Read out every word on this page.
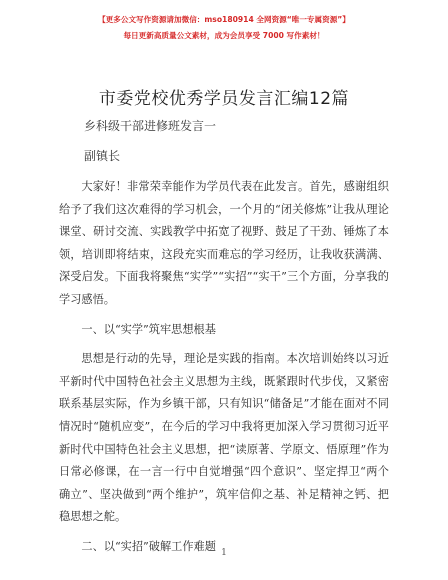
【更多公文写作资源请加微信：mso180914 全网资源“唯一专属资源”】
每日更新高质量公文素材，成为会员享受 7000 写作素材！
市委党校优秀学员发言汇编12篇
乡科级干部进修班发言一
副镇长

大家好！非常荣幸能作为学员代表在此发言。首先，感谢组织给予了我们这次难得的学习机会，一个月的“闭关修炼”让我从理论课堂、研讨交流、实践教学中拓宽了视野、鼓足了干劲、锤炼了本领，培训即将结束，这段充实而难忘的学习经历，让我收获满满、深受启发。下面我将聚焦“实学”“实招”“实干”三个方面，分享我的学习感悟。

一、以“实学”筑牢思想根基

思想是行动的先导，理论是实践的指南。本次培训始终以习近平新时代中国特色社会主义思想为主线，既紧跟时代步伐，又紧密联系基层实际，作为乡镇干部，只有知识“储备足”才能在面对不同情况时“随机应变”，在今后的学习中我将更加深入学习贯彻习近平新时代中国特色社会主义思想，把“读原著、学原文、悟原理”作为日常必修课，在一言一行中自觉增强“四个意识”、坚定捍卫“两个确立”、坚决做到“两个维护”，筑牢信仰之基、补足精神之钙、把稳思想之舵。

二、以“实招”破解工作难题

1
